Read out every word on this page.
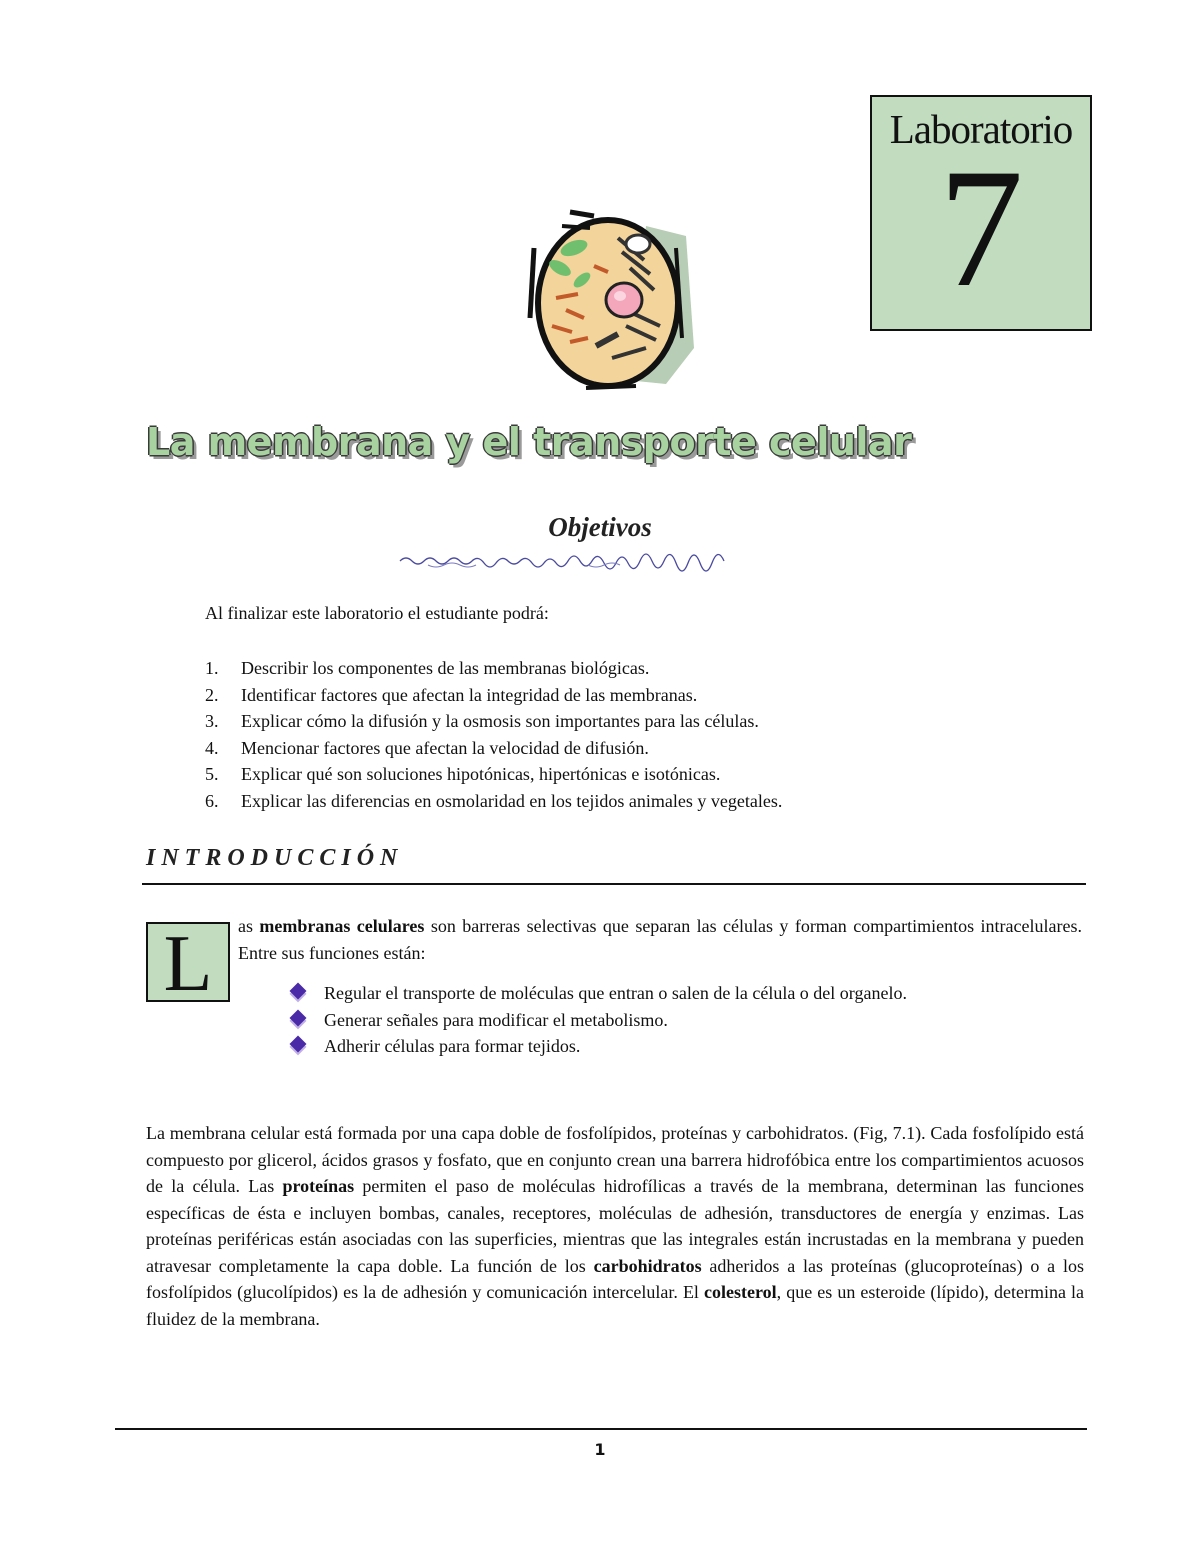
Laboratorio
7
La membrana y el transporte celular
Objetivos
Al finalizar este laboratorio el estudiante podrá:
1. Describir los componentes de las membranas biológicas.
2. Identificar factores que afectan la integridad de las membranas.
3. Explicar cómo la difusión y la osmosis son importantes para las células.
4. Mencionar factores que afectan la velocidad de difusión.
5. Explicar qué son soluciones hipotónicas, hipertónicas e isotónicas.
6. Explicar las diferencias en osmolaridad en los tejidos animales y vegetales.
INTRODUCCIÓN
L	as membranas celulares son barreras selectivas que separan las células y forman compartimientos intracelulares. Entre sus funciones están:

Regular el transporte de moléculas que entran o salen de la célula o del organelo.
Generar señales para modificar el metabolismo.
Adherir células para formar tejidos.

La membrana celular está formada por una capa doble de fosfolípidos, proteínas y carbohidratos. (Fig, 7.1). Cada fosfolípido está compuesto por glicerol, ácidos grasos y fosfato, que en conjunto crean una barrera hidrofóbica entre los compartimientos acuosos de la célula. Las proteínas permiten el paso de moléculas hidrofílicas a través de la membrana, determinan las funciones específicas de ésta e incluyen bombas, canales, receptores, moléculas de adhesión, transductores de energía y enzimas. Las proteínas periféricas están asociadas con las superficies, mientras que las integrales están incrustadas en la membrana y pueden atravesar completamente la capa doble. La función de los carbohidratos adheridos a las proteínas (glucoproteínas) o a los fosfolípidos (glucolípidos) es la de adhesión y comunicación intercelular. El colesterol, que es un esteroide (lípido), determina la fluidez de la membrana.

1
